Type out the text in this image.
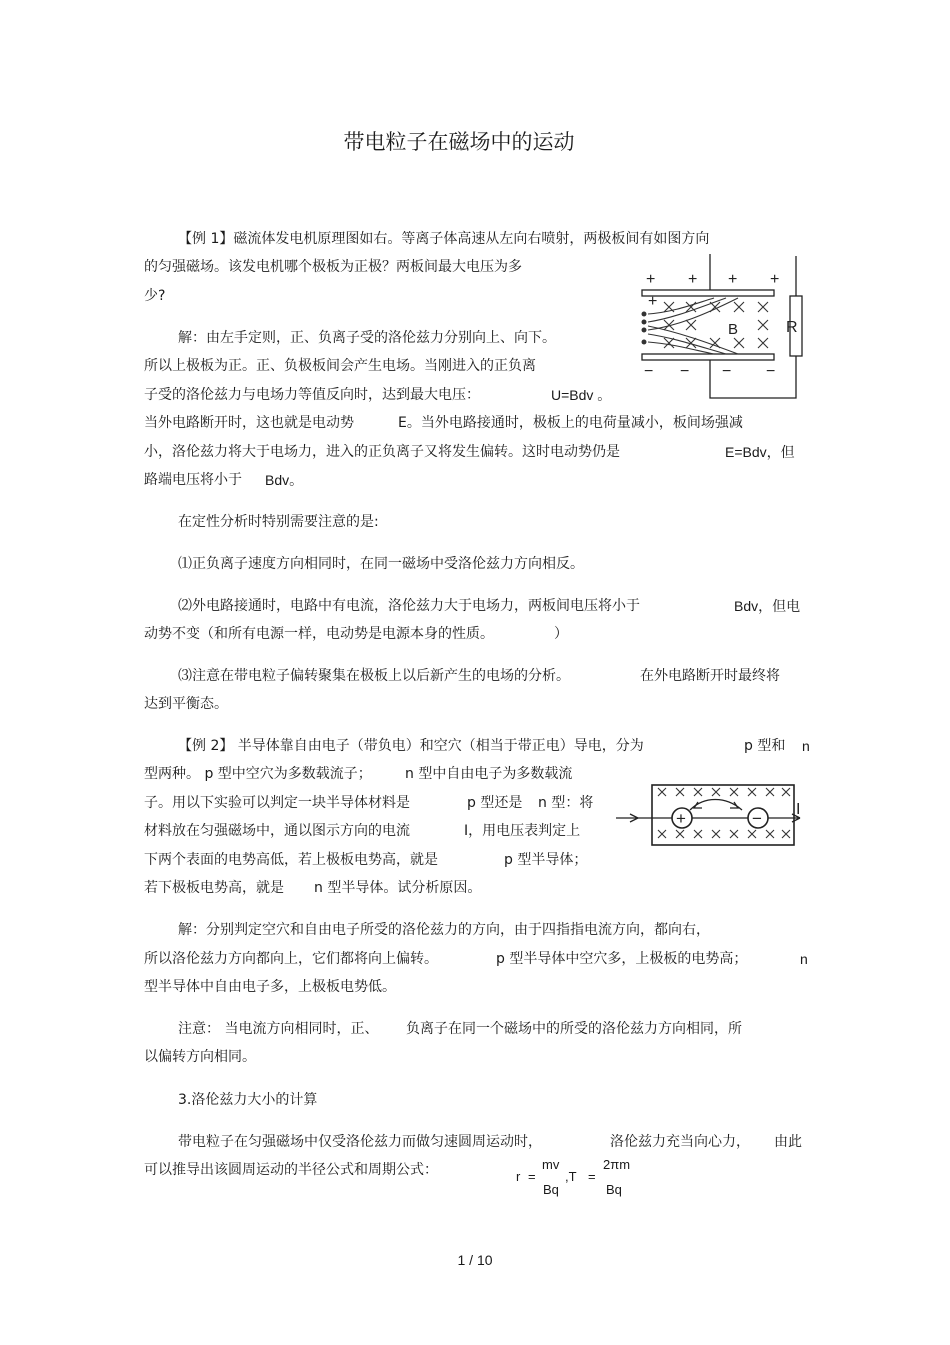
带电粒子在磁场中的运动
【例 1】磁流体发电机原理图如右。等离子体高速从左向右喷射，两极板间有如图方向
的匀强磁场。该发电机哪个极板为正极？两板间最大电压为多
少?
解：由左手定则，正、负离子受的洛伦兹力分别向上、向下。
所以上极板为正。正、负极板间会产生电场。当刚进入的正负离
子受的洛伦兹力与电场力等值反向时，达到最大电压：	U=Bdv 。
当外电路断开时，这也就是电动势	E。当外电路接通时，极板上的电荷量减小，板间场强减
小，洛伦兹力将大于电场力，进入的正负离子又将发生偏转。这时电动势仍是	E=Bdv，但
路端电压将小于 Bdv。
在定性分析时特别需要注意的是:
⑴正负离子速度方向相同时，在同一磁场中受洛伦兹力方向相反。
⑵外电路接通时，电路中有电流，洛伦兹力大于电场力，两板间电压将小于	Bdv，但电
动势不变（和所有电源一样，电动势是电源本身的性质。	）
⑶注意在带电粒子偏转聚集在极板上以后新产生的电场的分析。	在外电路断开时最终将
达到平衡态。
+ + + +
+
− − − −
B	R
【例 2】 半导体靠自由电子（带负电）和空穴（相当于带正电）导电，分为	p 型和 n
型两种。 p 型中空穴为多数载流子； n 型中自由电子为多数载流
子。用以下实验可以判定一块半导体材料是	p 型还是 n 型：将
材料放在匀强磁场中，通以图示方向的电流	I，用电压表判定上
下两个表面的电势高低，若上极板电势高，就是	p 型半导体；
若下极板电势高，就是 n 型半导体。试分析原因。
解：分别判定空穴和自由电子所受的洛伦兹力的方向，由于四指指电流方向，都向右，
所以洛伦兹力方向都向上，它们都将向上偏转。	p 型半导体中空穴多，上极板的电势高；	n
型半导体中自由电子多，上极板电势低。
注意： 当电流方向相同时，正、 负离子在同一个磁场中的所受的洛伦兹力方向相同，所
以偏转方向相同。
+	− I
3.洛伦兹力大小的计算
带电粒子在匀强磁场中仅受洛伦兹力而做匀速圆周运动时，	洛伦兹力充当向心力， 由此
可以推导出该圆周运动的半径公式和周期公式：	r =
mv
Bq
,T =
2πm
Bq
1 / 10
